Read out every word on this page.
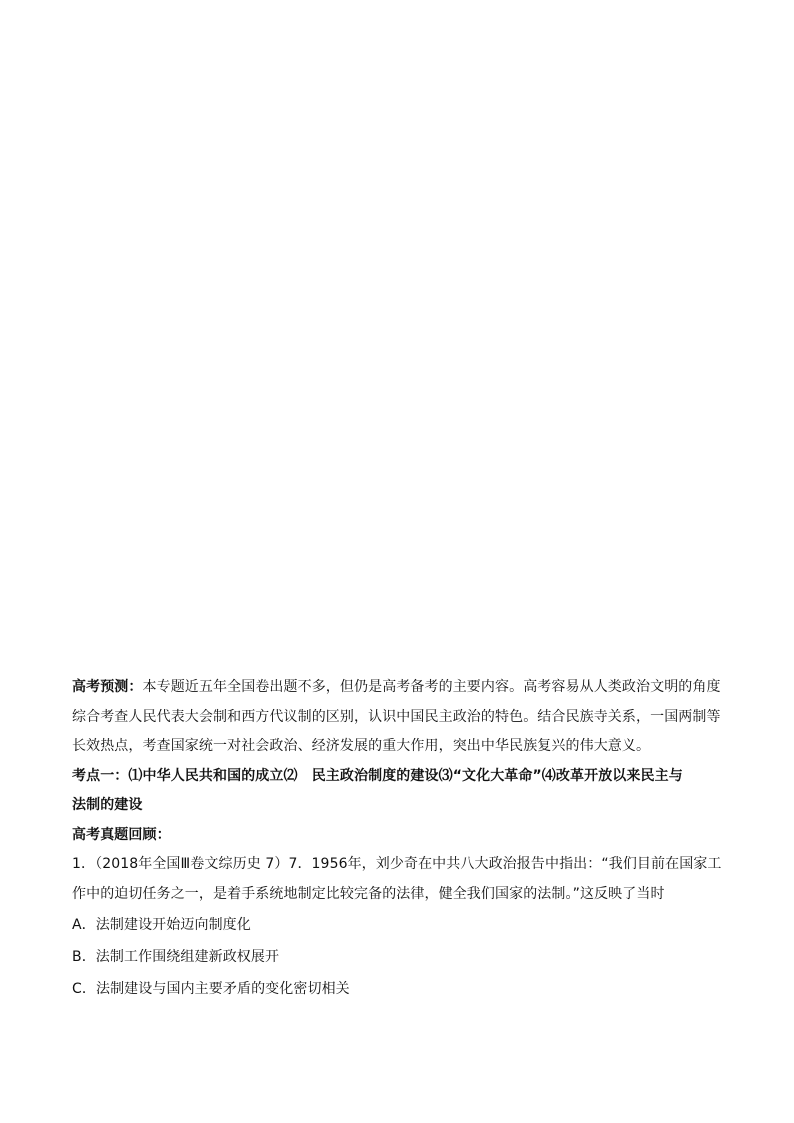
高考预测：本专题近五年全国卷出题不多，但仍是高考备考的主要内容。高考容易从人类政治文明的角度
综合考查人民代表大会制和西方代议制的区别，认识中国民主政治的特色。结合民族寺关系，一国两制等
长效热点，考查国家统一对社会政治、经济发展的重大作用，突出中华民族复兴的伟大意义。
考点一：⑴中华人民共和国的成立⑵　民主政治制度的建设⑶“文化大革命”⑷改革开放以来民主与
法制的建设
高考真题回顾：
1．（2018年全国Ⅲ卷文综历史 7）7．1956年，刘少奇在中共八大政治报告中指出：“我们目前在国家工
作中的迫切任务之一，是着手系统地制定比较完备的法律，健全我们国家的法制。”这反映了当时
A．法制建设开始迈向制度化
B．法制工作围绕组建新政权展开
C．法制建设与国内主要矛盾的变化密切相关
